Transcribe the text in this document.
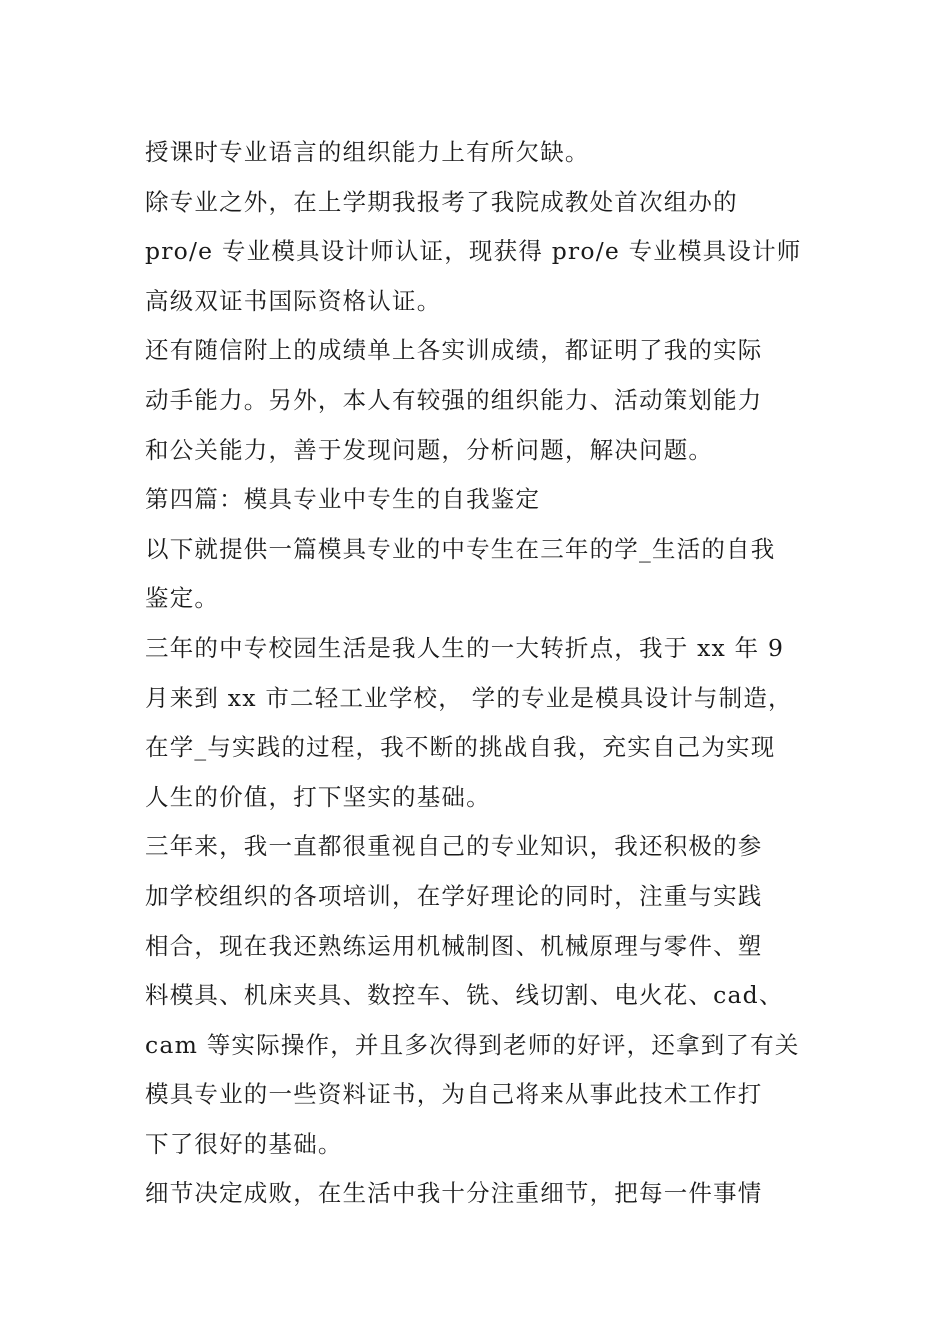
授课时专业语言的组织能力上有所欠缺。
除专业之外，在上学期我报考了我院成教处首次组办的
pro/e 专业模具设计师认证，现获得 pro/e 专业模具设计师
高级双证书国际资格认证。
还有随信附上的成绩单上各实训成绩，都证明了我的实际
动手能力。另外，本人有较强的组织能力、活动策划能力
和公关能力，善于发现问题，分析问题，解决问题。
第四篇：模具专业中专生的自我鉴定
以下就提供一篇模具专业的中专生在三年的学_生活的自我
鉴定。
三年的中专校园生活是我人生的一大转折点，我于 xx 年 9
月来到 xx 市二轻工业学校， 学的专业是模具设计与制造，
在学_与实践的过程，我不断的挑战自我，充实自己为实现
人生的价值，打下坚实的基础。
三年来，我一直都很重视自己的专业知识，我还积极的参
加学校组织的各项培训，在学好理论的同时，注重与实践
相合，现在我还熟练运用机械制图、机械原理与零件、塑
料模具、机床夹具、数控车、铣、线切割、电火花、cad、
cam 等实际操作，并且多次得到老师的好评，还拿到了有关
模具专业的一些资料证书，为自己将来从事此技术工作打
下了很好的基础。
细节决定成败，在生活中我十分注重细节，把每一件事情
